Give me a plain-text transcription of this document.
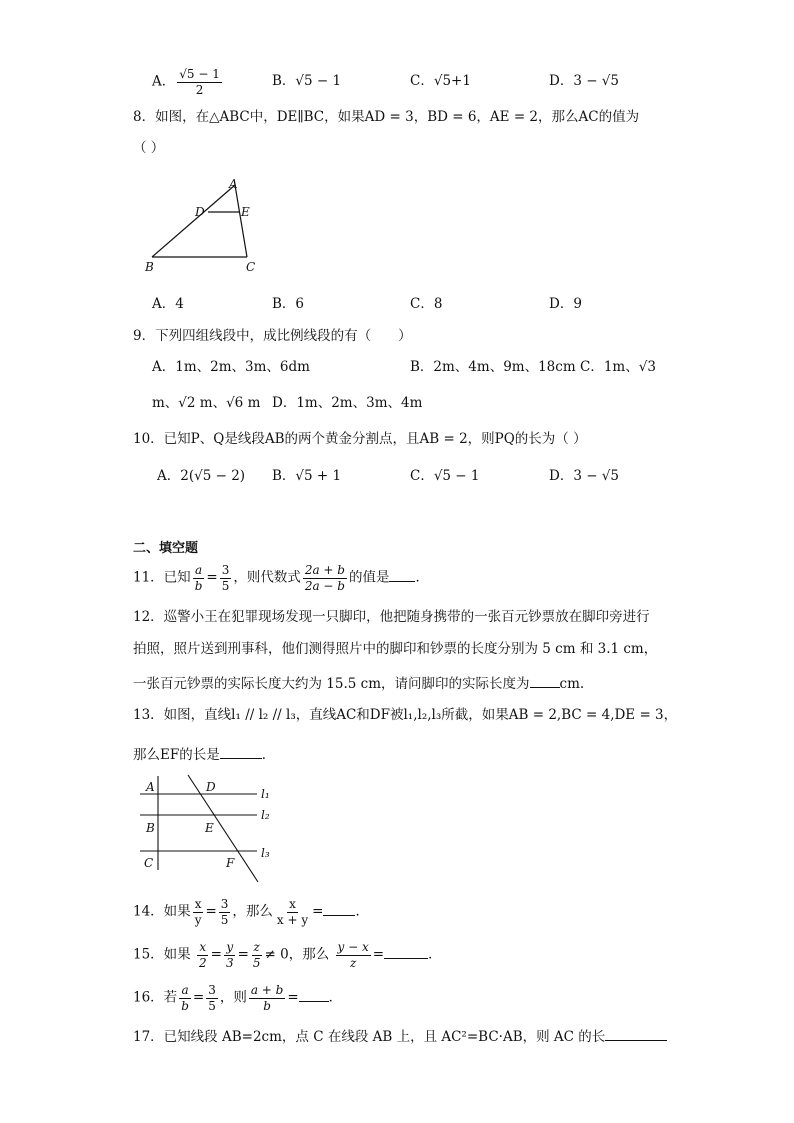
A． $\frac{√5 - 1}{2}$	B．√5 − 1	C．√5+1	D．3 − √5
8．如图，在△ABC中，DE∥BC，如果AD = 3，BD = 6，AE = 2，那么AC的值为
（ ）
A
D	E
B	C
A．4	B．6	C．8	D．9
9．下列四组线段中，成比例线段的有（　　）
A．1m、2m、3m、6dm	B．2m、4m、9m、18cm C．1m、√3
m、√2 m、√6 m D．1m、2m、3m、4m
10．已知P、Q是线段AB的两个黄金分割点，且AB = 2，则PQ的长为（ ）
A．2(√5 − 2) B．√5 + 1	C．√5 − 1	D．3 − √5
二、填空题
11．已知 $\frac{a}{b} = \frac{3}{5}$ ，则代数式 $\frac{2a + b}{2a - b}$ 的值是 ．
12．巡警小王在犯罪现场发现一只脚印，他把随身携带的一张百元钞票放在脚印旁进行
拍照，照片送到刑事科，他们测得照片中的脚印和钞票的长度分别为 5 cm 和 3.1 cm，
一张百元钞票的实际长度大约为 15.5 cm，请问脚印的实际长度为 cm.
13．如图，直线l₁ // l₂ // l₃，直线AC和DF被l₁,l₂,l₃所截，如果AB = 2,BC = 4,DE = 3，
那么EF的长是	．
A	D
B	E
C	F
l₁
l₂
l₃
14．如果 $\frac{x}{y} = \frac{3}{5}$ ，那么 $\frac{x}{x + y}$ = ．
15．如果 $\frac{x}{2} = \frac{y}{3} = \frac{z}{5} \ne 0$，那么 $\frac{y - x}{z}$ =	．
16．若 $\frac{a}{b} = \frac{3}{5}$ ，则 $\frac{a + b}{b}$ = ．
17．已知线段 AB=2cm，点 C 在线段 AB 上，且 AC²=BC·AB，则 AC 的长
